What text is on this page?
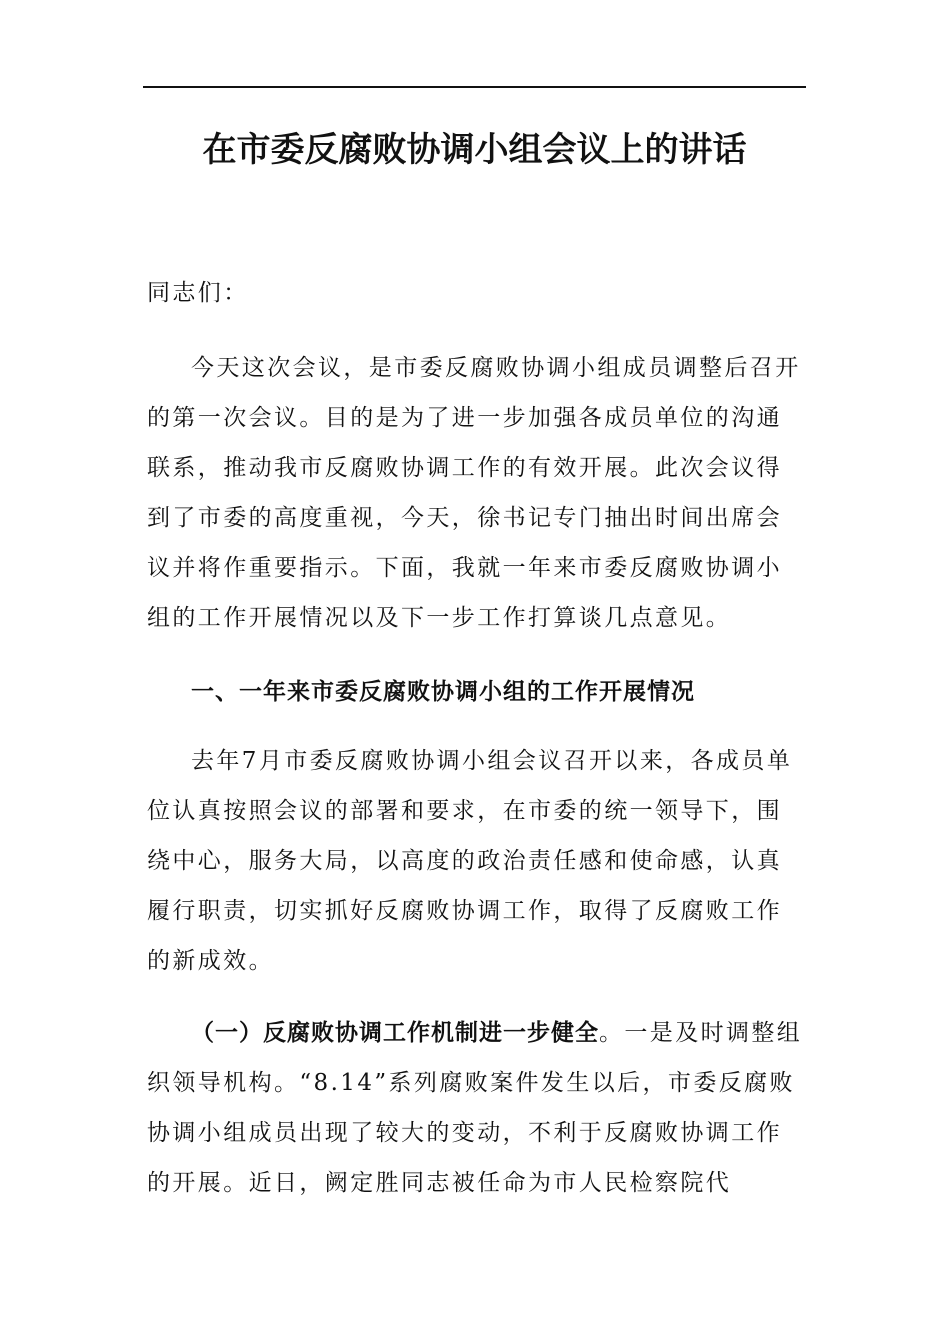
在市委反腐败协调小组会议上的讲话

同志们：

今天这次会议，是市委反腐败协调小组成员调整后召开的第一次会议。目的是为了进一步加强各成员单位的沟通联系，推动我市反腐败协调工作的有效开展。此次会议得到了市委的高度重视，今天，徐书记专门抽出时间出席会议并将作重要指示。下面，我就一年来市委反腐败协调小组的工作开展情况以及下一步工作打算谈几点意见。

一、一年来市委反腐败协调小组的工作开展情况

去年7月市委反腐败协调小组会议召开以来，各成员单位认真按照会议的部署和要求，在市委的统一领导下，围绕中心，服务大局，以高度的政治责任感和使命感，认真履行职责，切实抓好反腐败协调工作，取得了反腐败工作的新成效。

（一）反腐败协调工作机制进一步健全。一是及时调整组织领导机构。“8.14”系列腐败案件发生以后，市委反腐败协调小组成员出现了较大的变动，不利于反腐败协调工作的开展。近日，阙定胜同志被任命为市人民检察院代
